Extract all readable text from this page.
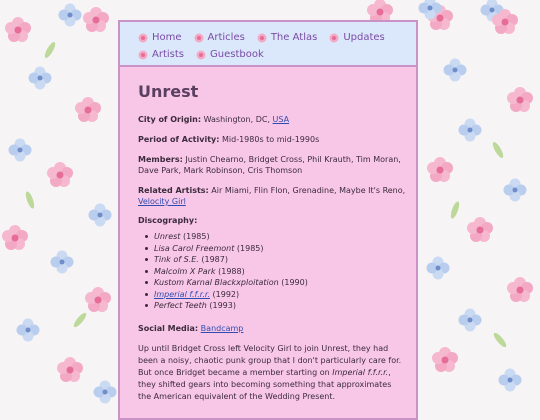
Home	Articles	The Atlas	Updates
Artists	Guestbook
Unrest

City of Origin: Washington, DC, USA

Period of Activity: Mid-1980s to mid-1990s

Members: Justin Chearno, Bridget Cross, Phil Krauth, Tim Moran, Dave Park, Mark Robinson, Cris Thomson

Related Artists: Air Miami, Flin Flon, Grenadine, Maybe It's Reno, Velocity Girl

Discography:

Unrest (1985)
Lisa Carol Freemont (1985)
Tink of S.E. (1987)
Malcolm X Park (1988)
Kustom Karnal Blackxploitation (1990)
Imperial f.f.r.r. (1992)
Perfect Teeth (1993)

Social Media: Bandcamp

Up until Bridget Cross left Velocity Girl to join Unrest, they had been a noisy, chaotic punk group that I don't particularly care for. But once Bridget became a member starting on Imperial f.f.r.r., they shifted gears into becoming something that approximates the American equivalent of the Wedding Present.
